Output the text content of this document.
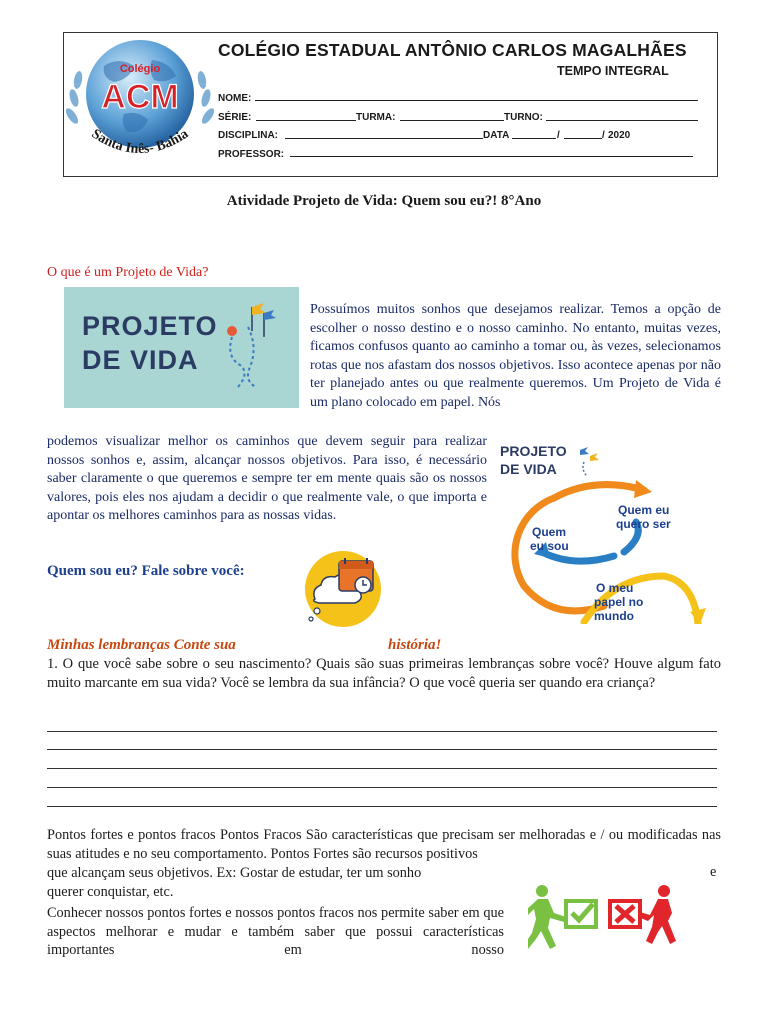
Colégio
ACM
Santa Inês- Bahia
COLÉGIO ESTADUAL ANTÔNIO CARLOS MAGALHÃES
TEMPO INTEGRAL
NOME:
SÉRIE:	TURMA:	TURNO:
DISCIPLINA:	DATA	/	/ 2020
PROFESSOR:
Atividade Projeto de Vida: Quem sou eu?! 8°Ano
O que é um Projeto de Vida?
PROJETO
DE VIDA
Possuímos muitos sonhos que desejamos realizar. Temos a opção de escolher o nosso destino e o nosso caminho. No entanto, muitas vezes, ficamos confusos quanto ao caminho a tomar ou, às vezes, selecionamos rotas que nos afastam dos nossos objetivos. Isso acontece apenas por não ter planejado antes ou que realmente queremos. Um Projeto de Vida é um plano colocado em papel. Nós
podemos visualizar melhor os caminhos que devem seguir para realizar nossos sonhos e, assim, alcançar nossos objetivos. Para isso, é necessário saber claramente o que queremos e sempre ter em mente quais são os nossos valores, pois eles nos ajudam a decidir o que realmente vale, o que importa e apontar os melhores caminhos para as nossas vidas.
PROJETO
DE VIDA
Quem
eu sou
Quem eu
quero ser
O meu
papel no
mundo
Quem sou eu? Fale sobre você:
Minhas lembranças Conte sua	história!
1. O que você sabe sobre o seu nascimento? Quais são suas primeiras lembranças sobre você? Houve algum fato muito marcante em sua vida? Você se lembra da sua infância? O que você queria ser quando era criança?
Pontos fortes e pontos fracos Pontos Fracos São características que precisam ser melhoradas e / ou modificadas nas suas atitudes e no seu comportamento. Pontos Fortes são recursos positivos
que alcançam seus objetivos. Ex: Gostar de estudar, ter um sonho	e
querer conquistar, etc.
Conhecer nossos pontos fortes e nossos pontos fracos nos permite saber em que aspectos melhorar e mudar e também saber que possui características importantes em nosso
